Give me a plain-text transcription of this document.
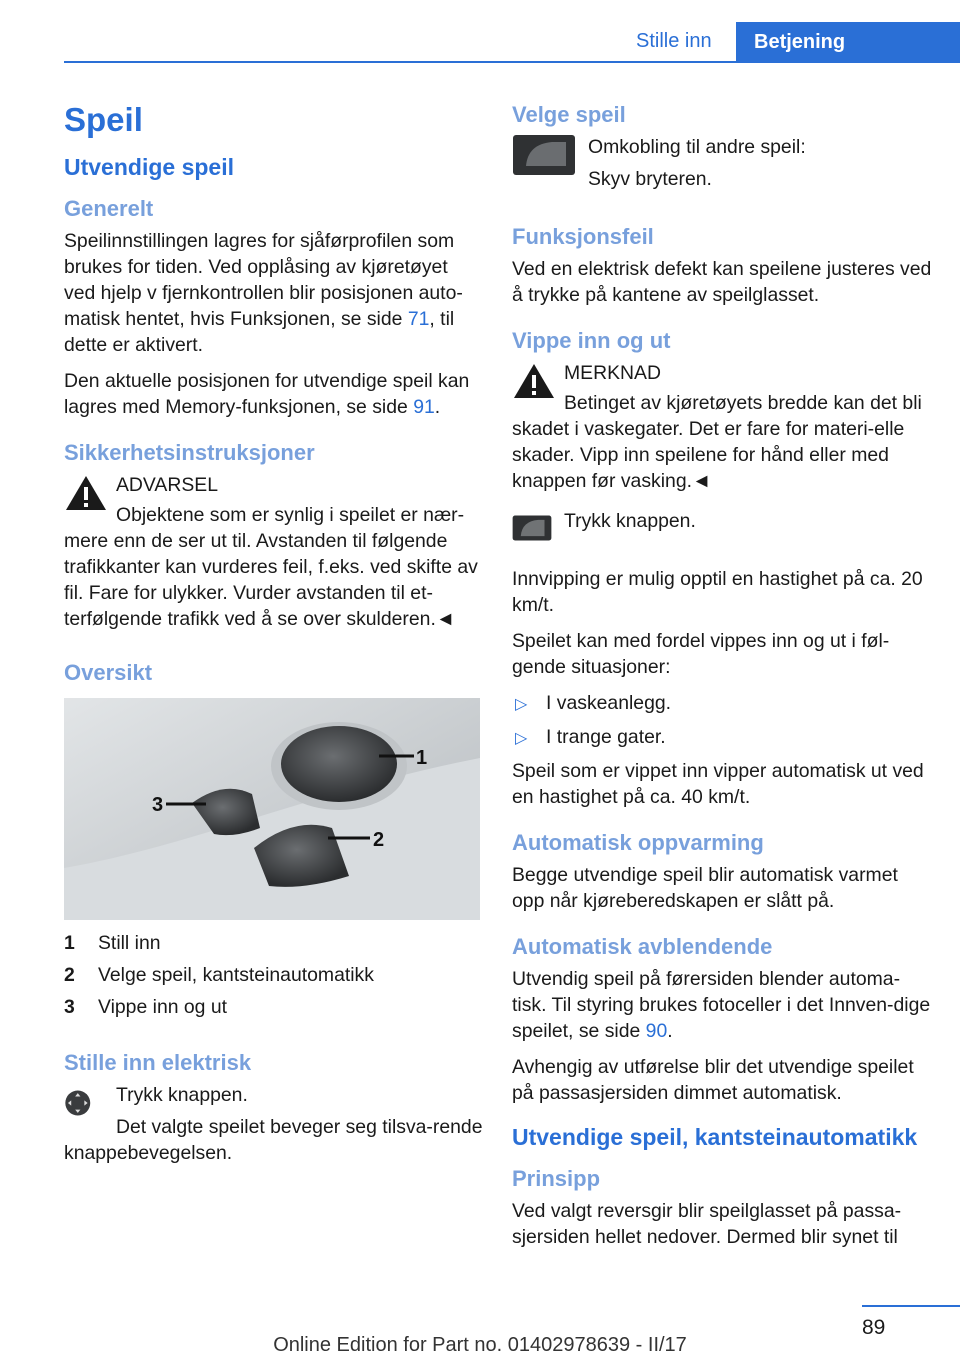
Stille inn	Betjening
Speil
Utvendige speil
Generelt

Speilinnstillingen lagres for sjåførprofilen som brukes for tiden. Ved opplåsing av kjøretøyet ved hjelp v fjernkontrollen blir posisjonen auto-matisk hentet, hvis Funksjonen, se side 71, til dette er aktivert.

Den aktuelle posisjonen for utvendige speil kan lagres med Memory-funksjonen, se side 91.

Sikkerhetsinstruksjoner

ADVARSEL

Objektene som er synlig i speilet er nær-mere enn de ser ut til. Avstanden til følgende trafikkanter kan vurderes feil, f.eks. ved skifte av fil. Fare for ulykker. Vurder avstanden til et-terfølgende trafikk ved å se over skulderen.◄

Oversikt
1
2
3
1 Still inn
2 Velge speil, kantsteinautomatikk
3 Vippe inn og ut
Stille inn elektrisk

Trykk knappen.

Det valgte speilet beveger seg tilsva-rende knappebevegelsen.

Velge speil

Omkobling til andre speil:

Skyv bryteren.

Funksjonsfeil

Ved en elektrisk defekt kan speilene justeres ved å trykke på kantene av speilglasset.

Vippe inn og ut

MERKNAD

Betinget av kjøretøyets bredde kan det bli skadet i vaskegater. Det er fare for materi-elle skader. Vipp inn speilene for hånd eller med knappen før vasking.◄

Trykk knappen.

Innvipping er mulig opptil en hastighet på ca. 20 km/t.

Speilet kan med fordel vippes inn og ut i føl-gende situasjoner:

▷ I vaskeanlegg.
▷ I trange gater.

Speil som er vippet inn vipper automatisk ut ved en hastighet på ca. 40 km/t.

Automatisk oppvarming

Begge utvendige speil blir automatisk varmet opp når kjøreberedskapen er slått på.

Automatisk avblendende

Utvendig speil på førersiden blender automa-tisk. Til styring brukes fotoceller i det Innven-dige speilet, se side 90.

Avhengig av utførelse blir det utvendige speilet på passasjersiden dimmet automatisk.

Utvendige speil, kantsteinautomatikk
Prinsipp

Ved valgt reversgir blir speilglasset på passa-sjersiden hellet nedover. Dermed blir synet til

89
Online Edition for Part no. 01402978639 - II/17
